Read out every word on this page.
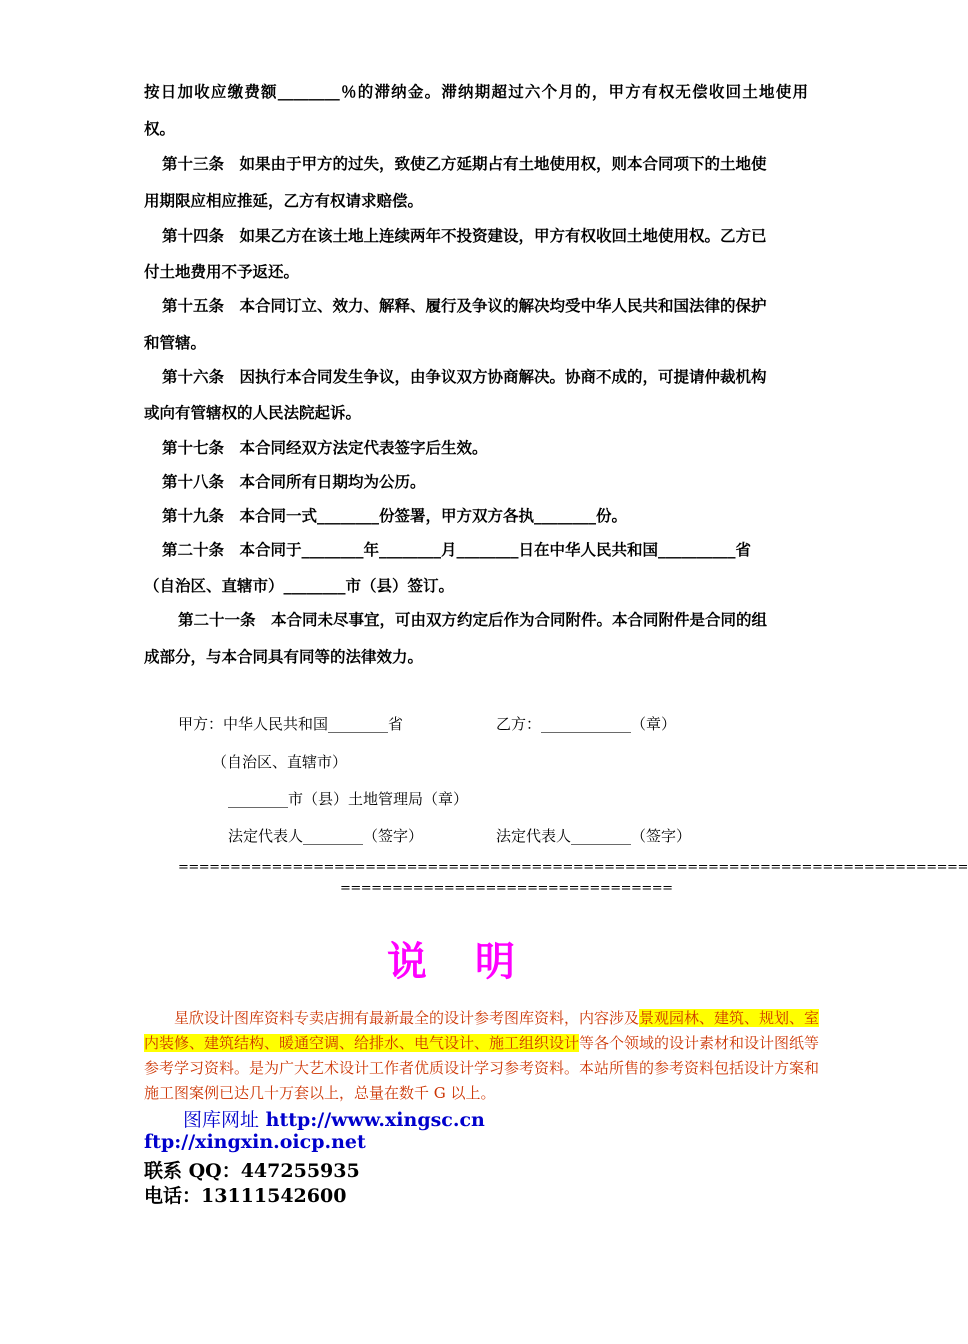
按日加收应缴费额________％的滞纳金。滞纳期超过六个月的，甲方有权无偿收回土地使用
权。
第十三条　如果由于甲方的过失，致使乙方延期占有土地使用权，则本合同项下的土地使
用期限应相应推延，乙方有权请求赔偿。
第十四条　如果乙方在该土地上连续两年不投资建设，甲方有权收回土地使用权。乙方已
付土地费用不予返还。
第十五条　本合同订立、效力、解释、履行及争议的解决均受中华人民共和国法律的保护
和管辖。
第十六条　因执行本合同发生争议，由争议双方协商解决。协商不成的，可提请仲裁机构
或向有管辖权的人民法院起诉。
第十七条　本合同经双方法定代表签字后生效。
第十八条　本合同所有日期均为公历。
第十九条　本合同一式________份签署，甲方双方各执________份。
第二十条　本合同于________年________月________日在中华人民共和国__________省
（自治区、直辖市）________市（县）签订。
第二十一条　本合同未尽事宜，可由双方约定后作为合同附件。本合同附件是合同的组
成部分，与本合同具有同等的法律效力。
甲方：中华人民共和国________省	乙方：____________（章）
（自治区、直辖市）
________市（县）土地管理局（章）
法定代表人________（签字）	法定代表人________（签字）
============================================================================
================================
说明
星欣设计图库资料专卖店拥有最新最全的设计参考图库资料，内容涉及景观园林、建筑、规划、室内装修、建筑结构、暖通空调、给排水、电气设计、施工组织设计等各个领域的设计素材和设计图纸等参考学习资料。是为广大艺术设计工作者优质设计学习参考资料。本站所售的参考资料包括设计方案和施工图案例已达几十万套以上，总量在数千 G 以上。
图库网址 http://www.xingsc.cn
ftp://xingxin.oicp.net
联系 QQ：447255935
电话：13111542600
